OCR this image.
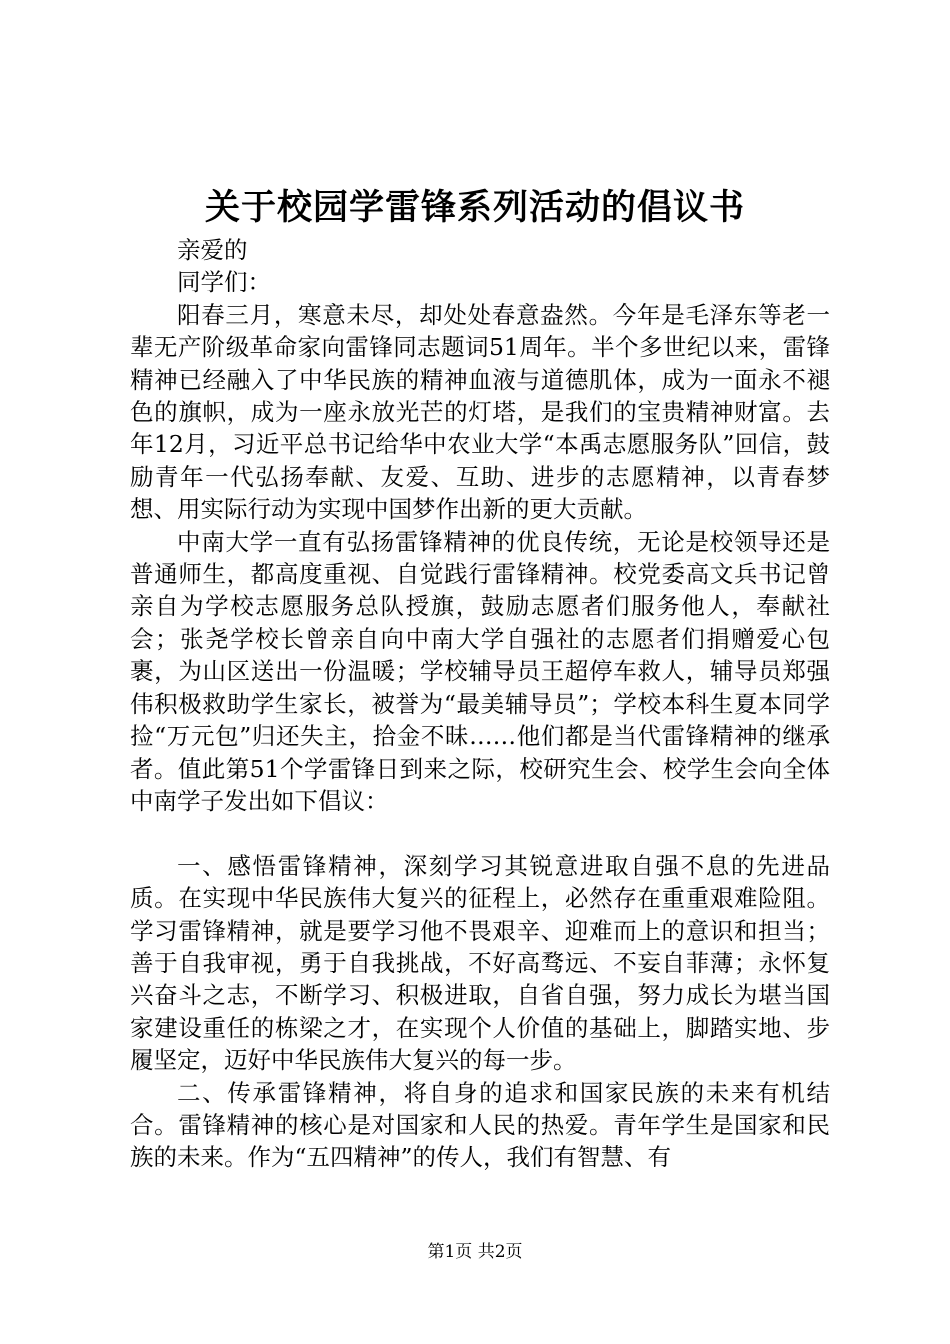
关于校园学雷锋系列活动的倡议书

亲爱的

同学们：

阳春三月，寒意未尽，却处处春意盎然。今年是毛泽东等老一辈无产阶级革命家向雷锋同志题词51周年。半个多世纪以来，雷锋精神已经融入了中华民族的精神血液与道德肌体，成为一面永不褪色的旗帜，成为一座永放光芒的灯塔，是我们的宝贵精神财富。去年12月，习近平总书记给华中农业大学“本禹志愿服务队”回信，鼓励青年一代弘扬奉献、友爱、互助、进步的志愿精神，以青春梦想、用实际行动为实现中国梦作出新的更大贡献。

中南大学一直有弘扬雷锋精神的优良传统，无论是校领导还是普通师生，都高度重视、自觉践行雷锋精神。校党委高文兵书记曾亲自为学校志愿服务总队授旗，鼓励志愿者们服务他人，奉献社会；张尧学校长曾亲自向中南大学自强社的志愿者们捐赠爱心包裹，为山区送出一份温暖；学校辅导员王超停车救人，辅导员郑强伟积极救助学生家长，被誉为“最美辅导员”；学校本科生夏本同学捡“万元包”归还失主，拾金不昧……他们都是当代雷锋精神的继承者。值此第51个学雷锋日到来之际，校研究生会、校学生会向全体中南学子发出如下倡议：

一、感悟雷锋精神，深刻学习其锐意进取自强不息的先进品质。在实现中华民族伟大复兴的征程上，必然存在重重艰难险阻。学习雷锋精神，就是要学习他不畏艰辛、迎难而上的意识和担当；善于自我审视，勇于自我挑战，不好高骛远、不妄自菲薄；永怀复兴奋斗之志，不断学习、积极进取，自省自强，努力成长为堪当国家建设重任的栋梁之才，在实现个人价值的基础上，脚踏实地、步履坚定，迈好中华民族伟大复兴的每一步。

二、传承雷锋精神，将自身的追求和国家民族的未来有机结合。雷锋精神的核心是对国家和人民的热爱。青年学生是国家和民族的未来。作为“五四精神”的传人，我们有智慧、有

第1页 共2页
